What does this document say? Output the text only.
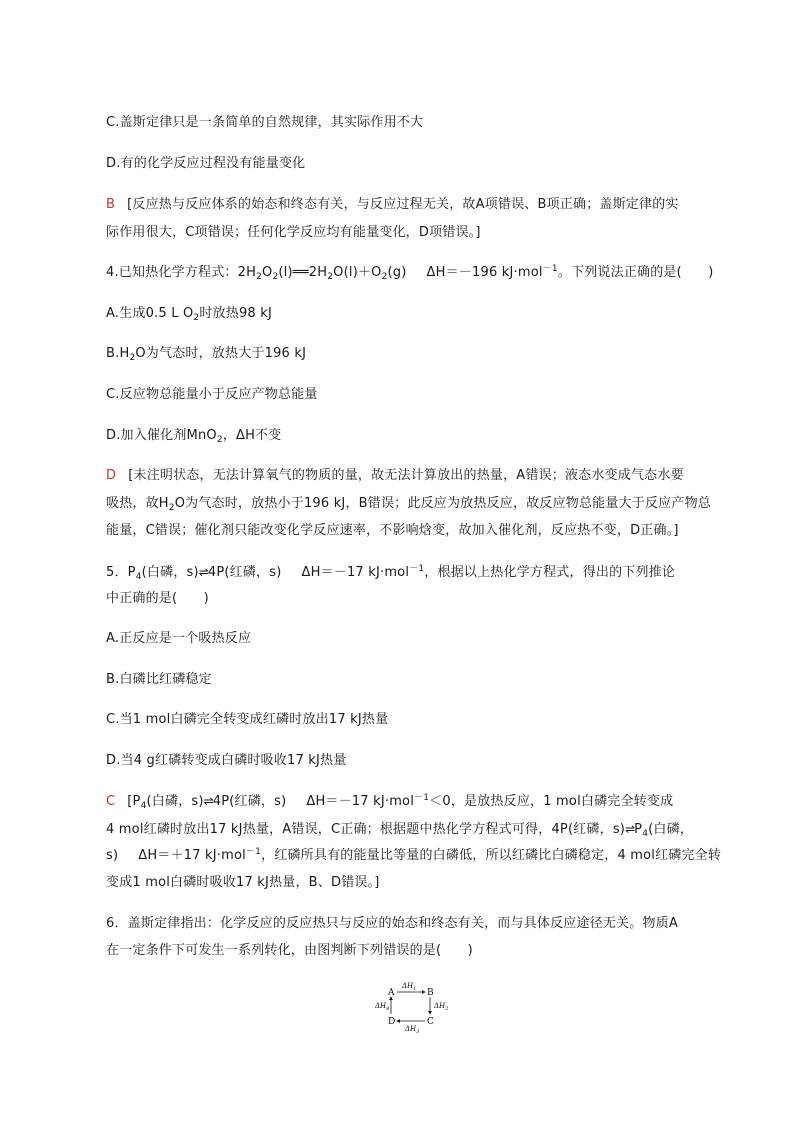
C.盖斯定律只是一条简单的自然规律，其实际作用不大
D.有的化学反应过程没有能量变化
B [反应热与反应体系的始态和终态有关，与反应过程无关，故A项错误、B项正确；盖斯定律的实
际作用很大，C项错误；任何化学反应均有能量变化，D项错误。]
4.已知热化学方程式：$2H_2O_2(l)══2H_2O(l)+O_2(g)$ ΔH＝－196 kJ·mol$^{-1}$。下列说法正确的是(　　)
A.生成0.5 L $O_2$时放热98 kJ
$B.H_2O$为气态时，放热大于196 kJ
C.反应物总能量小于反应产物总能量
D.加入催化剂MnO$_2$，ΔH不变
D [未注明状态，无法计算氧气的物质的量，故无法计算放出的热量，A错误；液态水变成气态水要
吸热，故$H_2O$为气态时，放热小于196 kJ，B错误；此反应为放热反应，故反应物总能量大于反应产物总
能量，C错误；催化剂只能改变化学反应速率，不影响焓变，故加入催化剂，反应热不变，D正确。]
5．$P_4$(白磷，s)⇌4P(红磷，s) ΔH＝－17 kJ·mol$^{-1}$，根据以上热化学方程式，得出的下列推论
中正确的是(　　)
A.正反应是一个吸热反应
B.白磷比红磷稳定
C.当1 mol白磷完全转变成红磷时放出17 kJ热量
D.当4 g红磷转变成白磷时吸收17 kJ热量
C [$P_4$(白磷，s)⇌4P(红磷，s) ΔH＝－17 kJ·mol$^{-1}$＜0，是放热反应，1 mol白磷完全转变成
4 mol红磷时放出17 kJ热量，A错误，C正确；根据题中热化学方程式可得，4P(红磷，$s)\rightleftharpoons P_4$(白磷，
s) ΔH＝＋17 kJ·mol$^{-1}$，红磷所具有的能量比等量的白磷低，所以红磷比白磷稳定，4 mol红磷完全转
变成1 mol白磷时吸收17 kJ热量，B、D错误。]
6．盖斯定律指出：化学反应的反应热只与反应的始态和终态有关，而与具体反应途径无关。物质A
在一定条件下可发生一系列转化，由图判断下列错误的是(　　)
A	B
C
D
$\Delta H_1$
$\Delta H_2$
$\Delta H_3$
$\Delta H_4$
